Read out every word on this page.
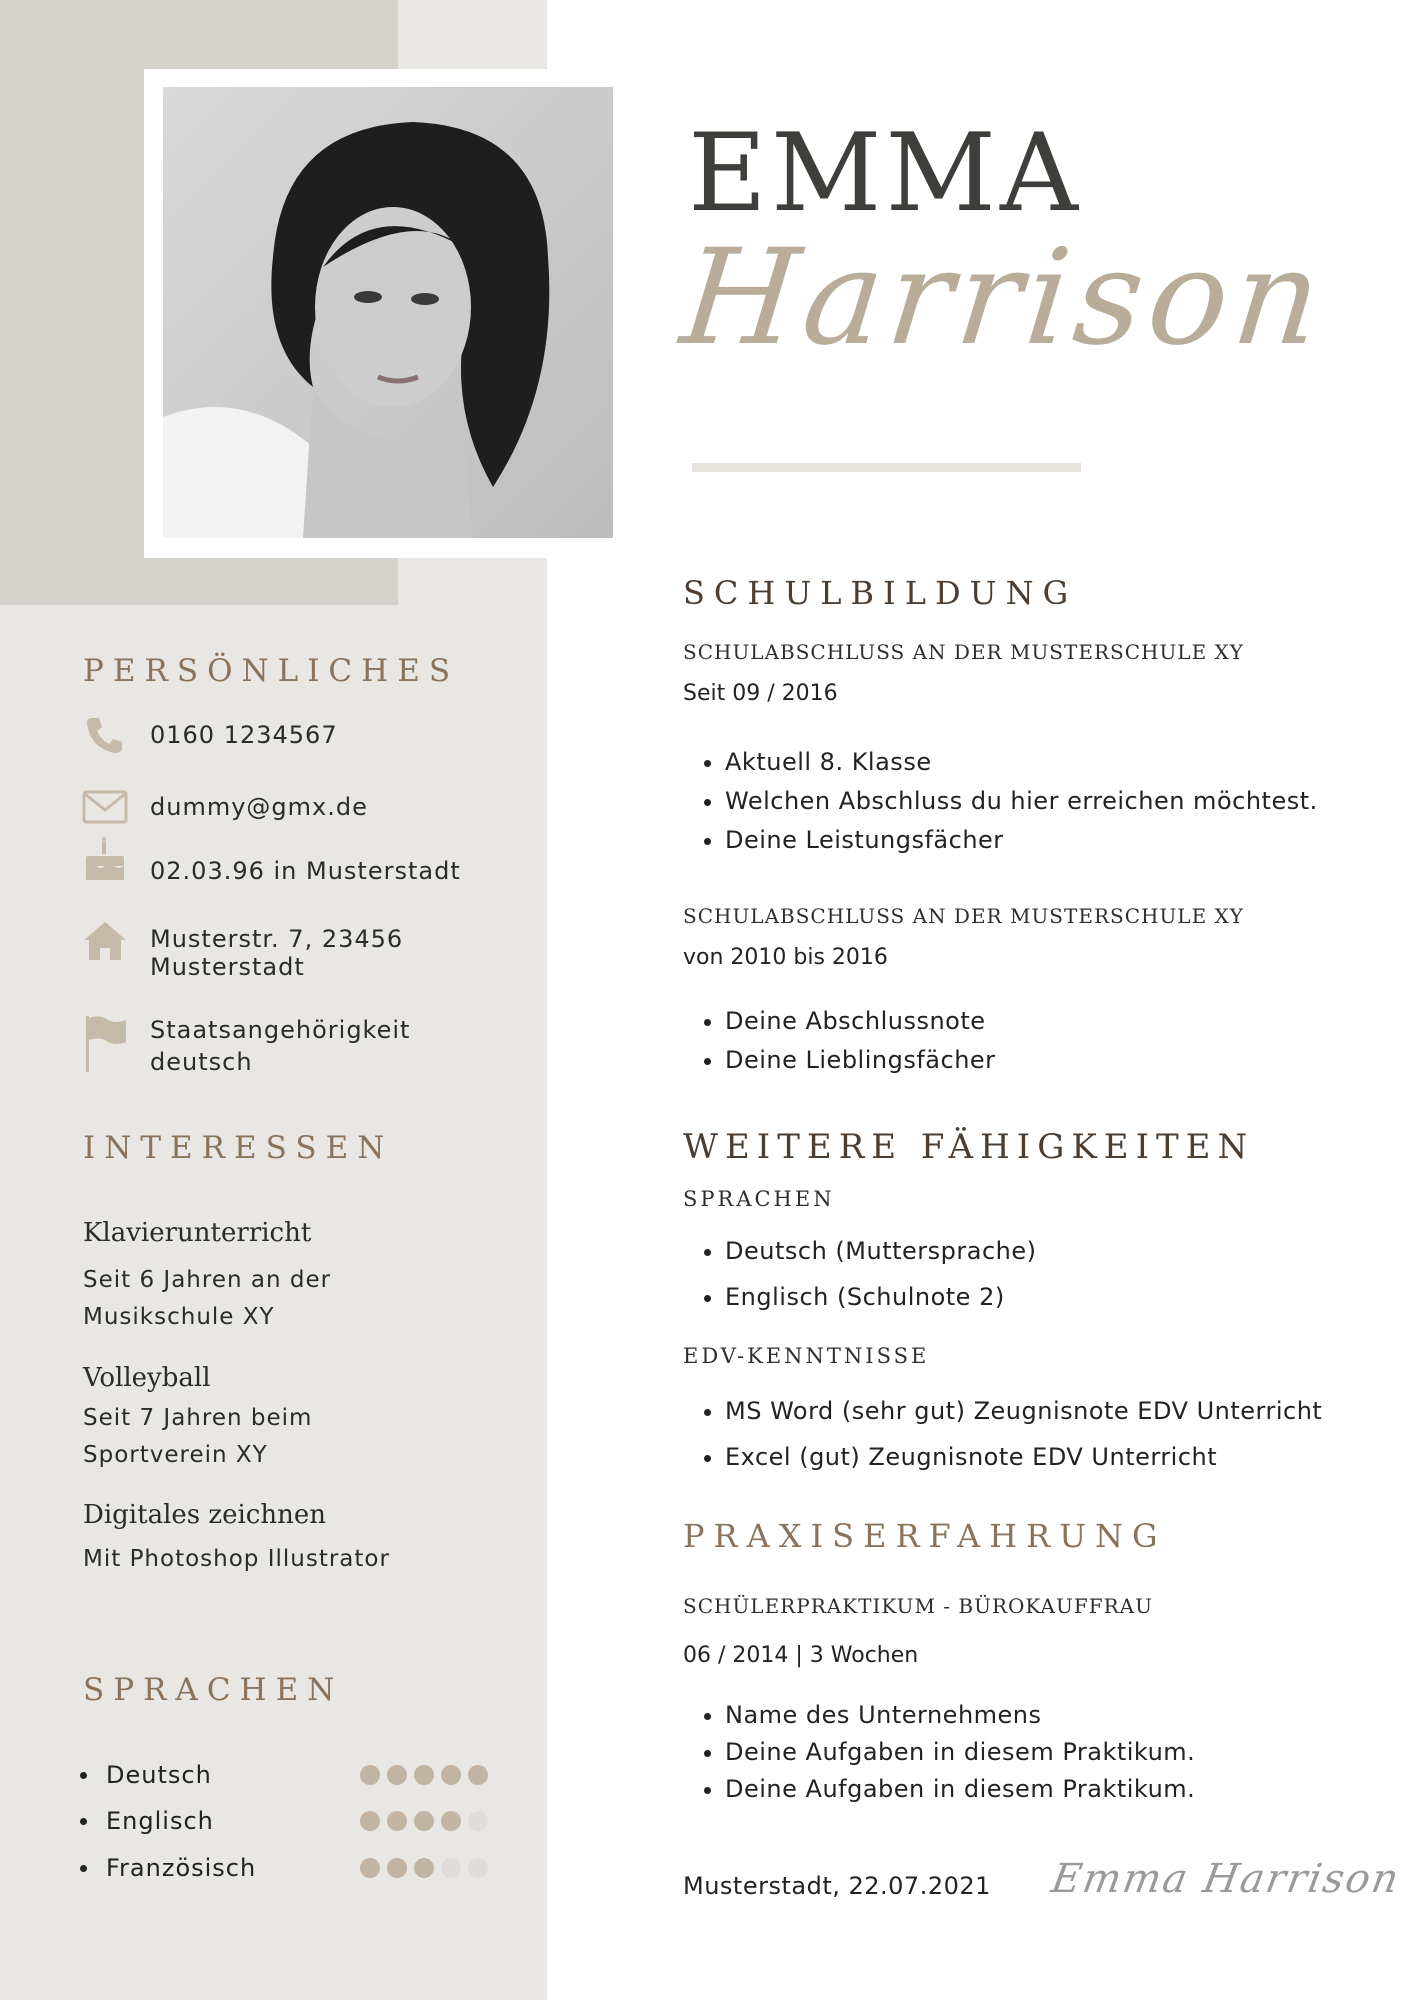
EMMA
Harrison
PERSÖNLICHES
0160 1234567
dummy@gmx.de
02.03.96 in Musterstadt
Musterstr. 7, 23456
Musterstadt
Staatsangehörigkeit
deutsch
INTERESSEN
Klavierunterricht
Seit 6 Jahren an der
Musikschule XY
Volleyball
Seit 7 Jahren beim
Sportverein XY
Digitales zeichnen
Mit Photoshop Illustrator
SPRACHEN
Deutsch
Englisch
Französisch
SCHULBILDUNG
SCHULABSCHLUSS AN DER MUSTERSCHULE XY
Seit 09 / 2016
• Aktuell 8. Klasse
• Welchen Abschluss du hier erreichen möchtest.
• Deine Leistungsfächer
SCHULABSCHLUSS AN DER MUSTERSCHULE XY
von 2010 bis 2016
• Deine Abschlussnote
• Deine Lieblingsfächer
WEITERE FÄHIGKEITEN
SPRACHEN
• Deutsch (Muttersprache)
• Englisch (Schulnote 2)
EDV-KENNTNISSE
• MS Word (sehr gut) Zeugnisnote EDV Unterricht
• Excel (gut) Zeugnisnote EDV Unterricht
PRAXISERFAHRUNG
SCHÜLERPRAKTIKUM - BÜROKAUFFRAU
06 / 2014 | 3 Wochen
• Name des Unternehmens
• Deine Aufgaben in diesem Praktikum.
• Deine Aufgaben in diesem Praktikum.
Musterstadt, 22.07.2021 Emma Harrison
